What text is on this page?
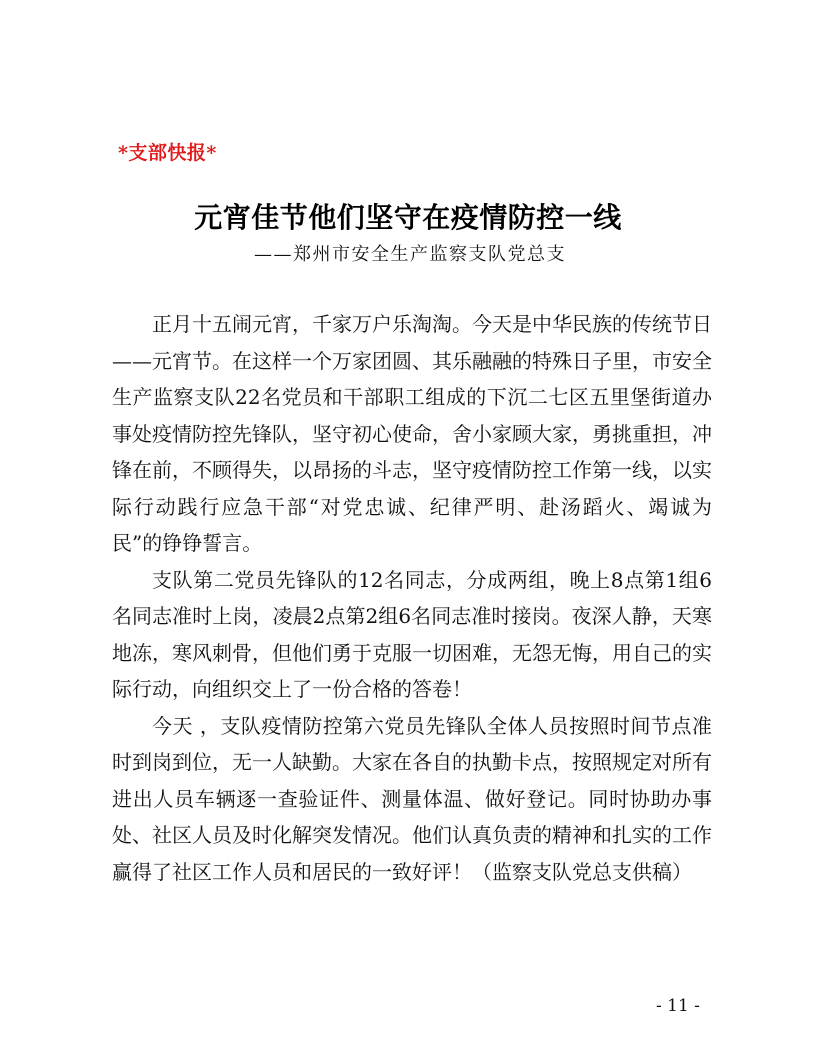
*支部快报*
元宵佳节他们坚守在疫情防控一线
——郑州市安全生产监察支队党总支

正月十五闹元宵，千家万户乐淘淘。今天是中华民族的传统节日——元宵节。在这样一个万家团圆、其乐融融的特殊日子里，市安全生产监察支队22名党员和干部职工组成的下沉二七区五里堡街道办事处疫情防控先锋队，坚守初心使命，舍小家顾大家，勇挑重担，冲锋在前，不顾得失，以昂扬的斗志，坚守疫情防控工作第一线，以实际行动践行应急干部“对党忠诚、纪律严明、赴汤蹈火、竭诚为民”的铮铮誓言。

支队第二党员先锋队的12名同志，分成两组，晚上8点第1组6名同志准时上岗，凌晨2点第2组6名同志准时接岗。夜深人静，天寒地冻，寒风刺骨，但他们勇于克服一切困难，无怨无悔，用自己的实际行动，向组织交上了一份合格的答卷！

今天 ，支队疫情防控第六党员先锋队全体人员按照时间节点准时到岗到位，无一人缺勤。大家在各自的执勤卡点，按照规定对所有进出人员车辆逐一查验证件、测量体温、做好登记。同时协助办事处、社区人员及时化解突发情况。他们认真负责的精神和扎实的工作赢得了社区工作人员和居民的一致好评！（监察支队党总支供稿）

- 11 -
